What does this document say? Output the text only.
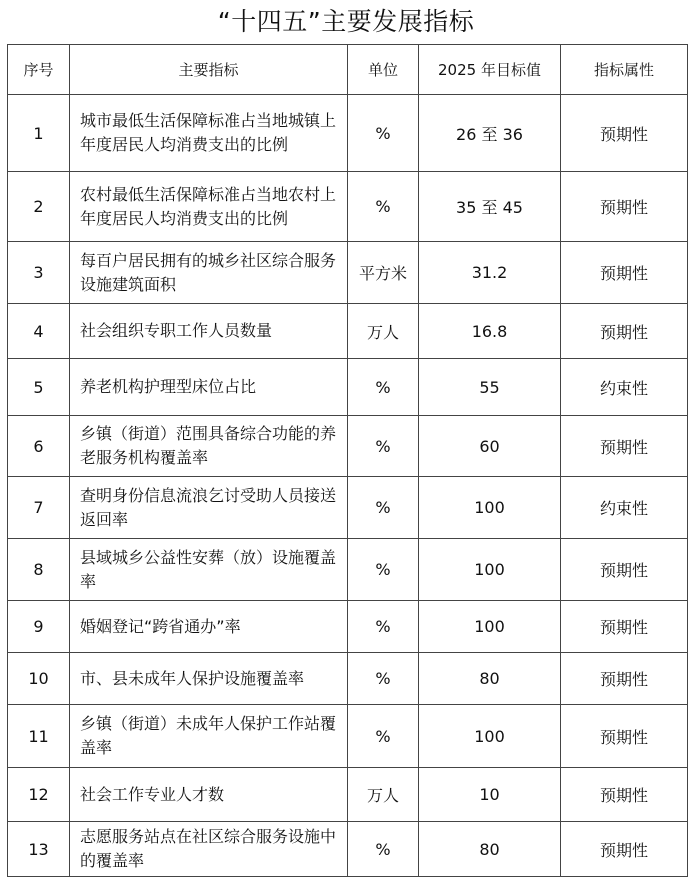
“十四五”主要发展指标
序号	主要指标	单位	2025 年目标值	指标属性
1	城市最低生活保障标准占当地城镇上年度居民人均消费支出的比例	%	26 至 36	预期性
2	农村最低生活保障标准占当地农村上年度居民人均消费支出的比例	%	35 至 45	预期性
3	每百户居民拥有的城乡社区综合服务设施建筑面积	平方米	31.2	预期性
4	社会组织专职工作人员数量	万人	16.8	预期性
5	养老机构护理型床位占比	%	55	约束性
6	乡镇（街道）范围具备综合功能的养老服务机构覆盖率	%	60	预期性
7	查明身份信息流浪乞讨受助人员接送返回率	%	100	约束性
8	县域城乡公益性安葬（放）设施覆盖率	%	100	预期性
9	婚姻登记“跨省通办”率	%	100	预期性
10	市、县未成年人保护设施覆盖率	%	80	预期性
11	乡镇（街道）未成年人保护工作站覆盖率	%	100	预期性
12	社会工作专业人才数	万人	10	预期性
13	志愿服务站点在社区综合服务设施中的覆盖率	%	80	预期性
